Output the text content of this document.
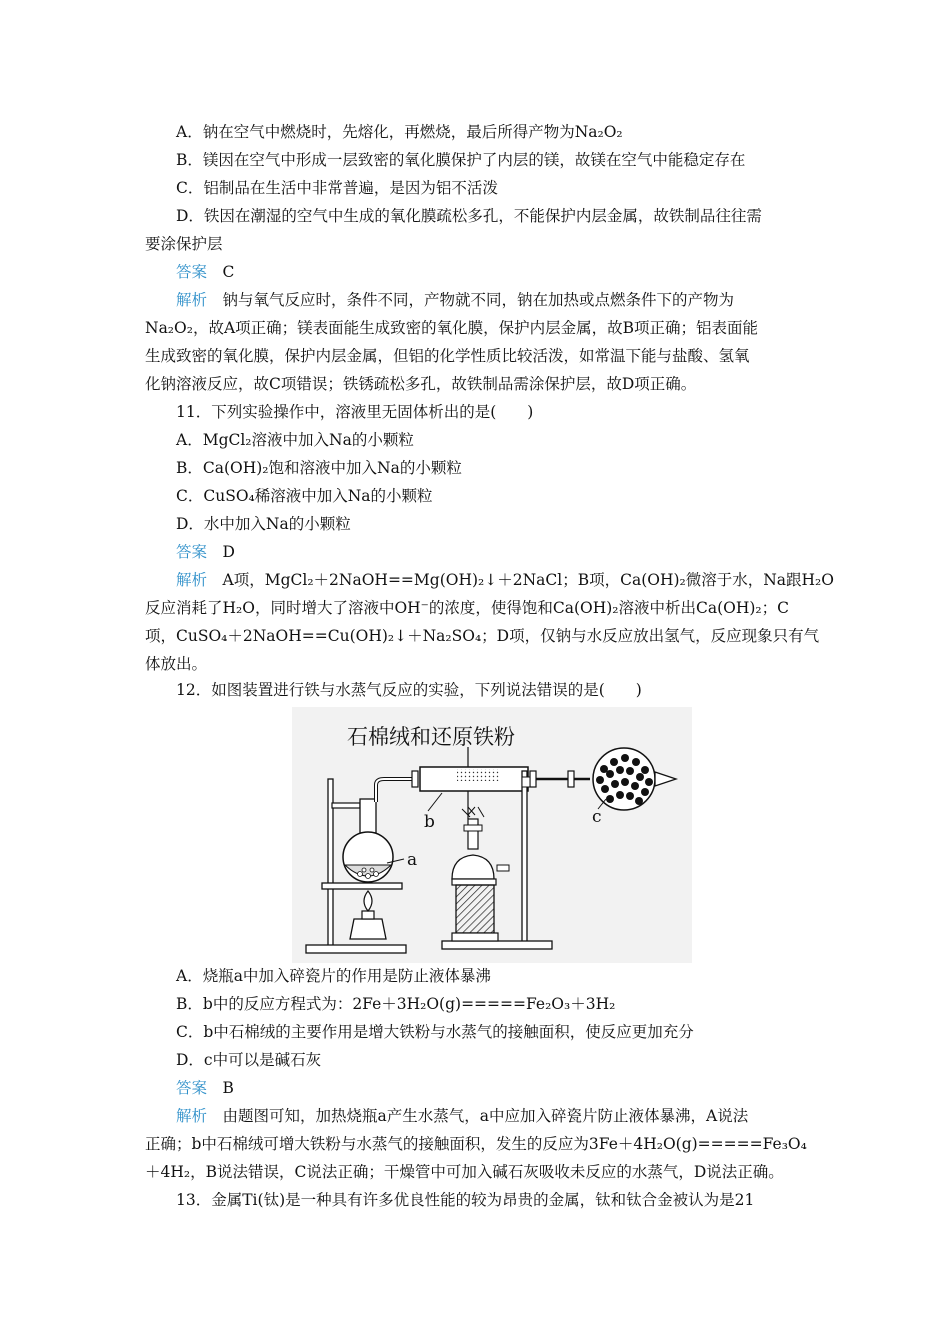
A．钠在空气中燃烧时，先熔化，再燃烧，最后所得产物为Na₂O₂
B．镁因在空气中形成一层致密的氧化膜保护了内层的镁，故镁在空气中能稳定存在
C．铝制品在生活中非常普遍，是因为铝不活泼
D．铁因在潮湿的空气中生成的氧化膜疏松多孔，不能保护内层金属，故铁制品往往需
要涂保护层
答案　 C
解析　 钠与氧气反应时，条件不同，产物就不同，钠在加热或点燃条件下的产物为
Na₂O₂，故A项正确；镁表面能生成致密的氧化膜，保护内层金属，故B项正确；铝表面能
生成致密的氧化膜，保护内层金属，但铝的化学性质比较活泼，如常温下能与盐酸、氢氧
化钠溶液反应，故C项错误；铁锈疏松多孔，故铁制品需涂保护层，故D项正确。
11．下列实验操作中，溶液里无固体析出的是(　　)
A．MgCl₂溶液中加入Na的小颗粒
B．Ca(OH)₂饱和溶液中加入Na的小颗粒
C．CuSO₄稀溶液中加入Na的小颗粒
D．水中加入Na的小颗粒
答案　 D
解析　 A项，MgCl₂＋2NaOH==Mg(OH)₂↓＋2NaCl；B项，Ca(OH)₂微溶于水，Na跟H₂O
反应消耗了H₂O，同时增大了溶液中OH⁻的浓度，使得饱和Ca(OH)₂溶液中析出Ca(OH)₂；C
项，CuSO₄＋2NaOH==Cu(OH)₂↓＋Na₂SO₄；D项，仅钠与水反应放出氢气，反应现象只有气
体放出。
12．如图装置进行铁与水蒸气反应的实验，下列说法错误的是(　　)
石棉绒和还原铁粉
a
b	c
A．烧瓶a中加入碎瓷片的作用是防止液体暴沸
B．b中的反应方程式为：2Fe＋3H₂O(g)=====Fe₂O₃＋3H₂
C．b中石棉绒的主要作用是增大铁粉与水蒸气的接触面积，使反应更加充分
D．c中可以是碱石灰
答案　 B
解析　 由题图可知，加热烧瓶a产生水蒸气，a中应加入碎瓷片防止液体暴沸，A说法
正确；b中石棉绒可增大铁粉与水蒸气的接触面积，发生的反应为3Fe＋4H₂O(g)=====Fe₃O₄
＋4H₂，B说法错误，C说法正确；干燥管中可加入碱石灰吸收未反应的水蒸气，D说法正确。
13．金属Ti(钛)是一种具有许多优良性能的较为昂贵的金属，钛和钛合金被认为是21
